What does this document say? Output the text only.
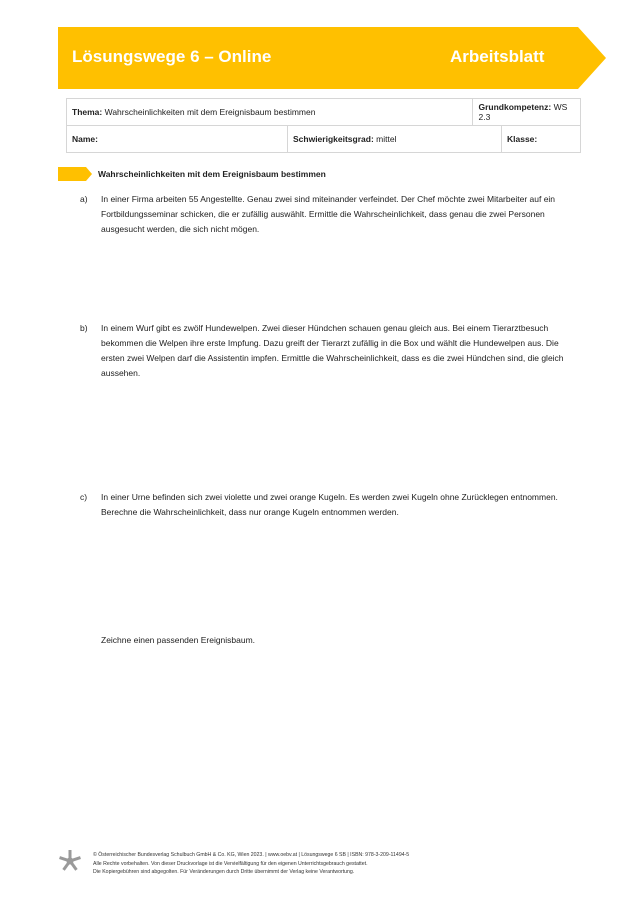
Lösungswege 6 – Online	Arbeitsblatt
Thema: Wahrscheinlichkeiten mit dem Ereignisbaum bestimmen		Grundkompetenz: WS 2.3	
Name:	Schwierigkeitsgrad: mittel		Klasse:
Wahrscheinlichkeiten mit dem Ereignisbaum bestimmen
a) In einer Firma arbeiten 55 Angestellte. Genau zwei sind miteinander verfeindet. Der Chef möchte zwei Mitarbeiter auf ein Fortbildungsseminar schicken, die er zufällig auswählt. Ermittle die Wahrscheinlichkeit, dass genau die zwei Personen ausgesucht werden, die sich nicht mögen.
b) In einem Wurf gibt es zwölf Hundewelpen. Zwei dieser Hündchen schauen genau gleich aus. Bei einem Tierarztbesuch bekommen die Welpen ihre erste Impfung. Dazu greift der Tierarzt zufällig in die Box und wählt die Hundewelpen aus. Die ersten zwei Welpen darf die Assistentin impfen. Ermittle die Wahrscheinlichkeit, dass es die zwei Hündchen sind, die gleich aussehen.
c) In einer Urne befinden sich zwei violette und zwei orange Kugeln. Es werden zwei Kugeln ohne Zurücklegen entnommen. Berechne die Wahrscheinlichkeit, dass nur orange Kugeln entnommen werden.
Zeichne einen passenden Ereignisbaum.
© Österreichischer Bundesverlag Schulbuch GmbH & Co. KG, Wien 2023. | www.oebv.at | Lösungswege 6 SB | ISBN: 978-3-209-11494-5
Alle Rechte vorbehalten. Von dieser Druckvorlage ist die Vervielfältigung für den eigenen Unterrichtsgebrauch gestattet.
Die Kopiergebühren sind abgegolten. Für Veränderungen durch Dritte übernimmt der Verlag keine Verantwortung.
